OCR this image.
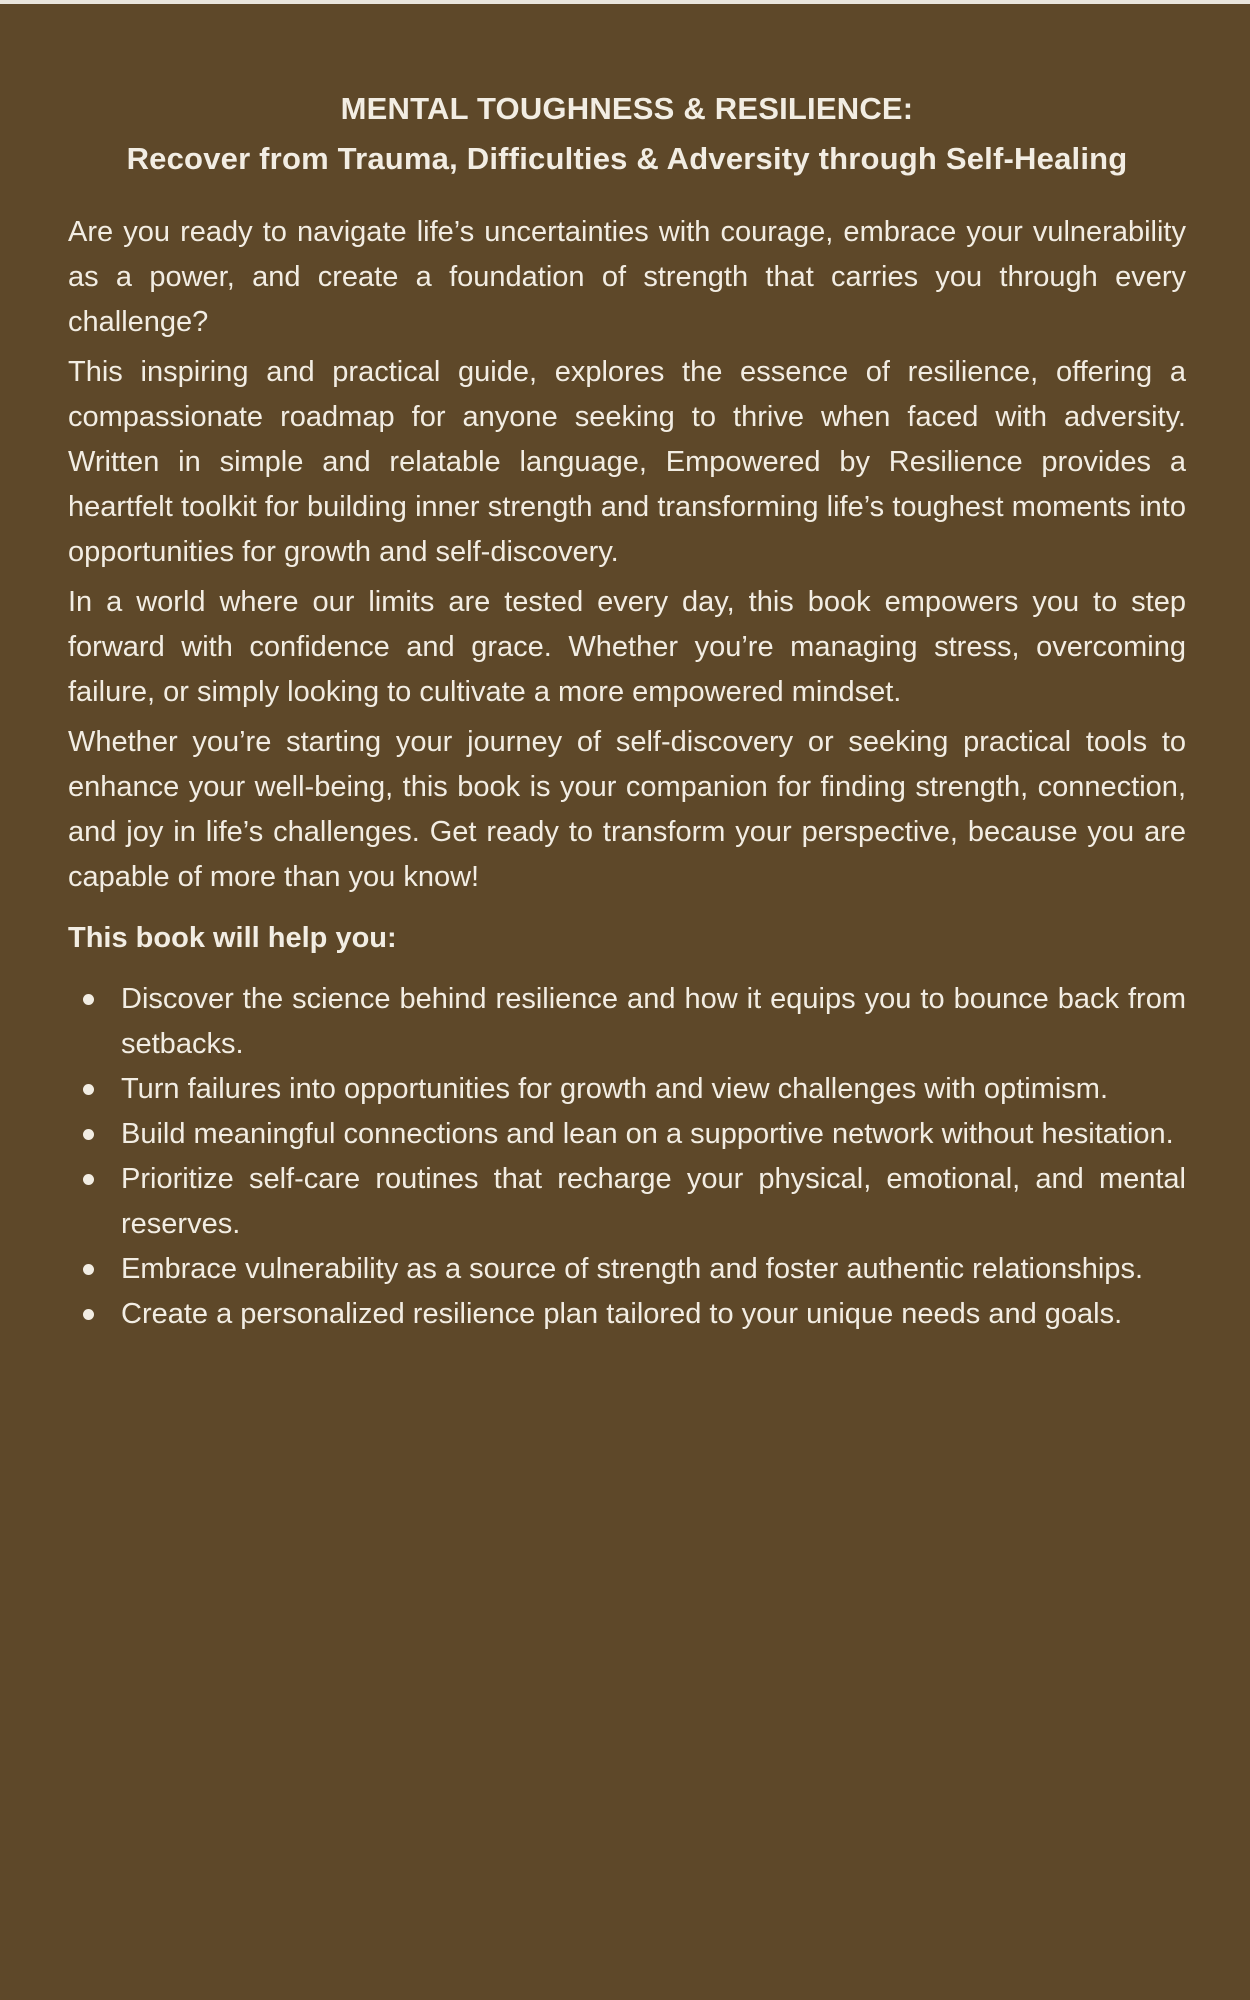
MENTAL TOUGHNESS & RESILIENCE:
Recover from Trauma, Difficulties & Adversity through Self-Healing

Are you ready to navigate life’s uncertainties with courage, embrace your vulnerability as a power, and create a foundation of strength that carries you through every challenge?

This inspiring and practical guide, explores the essence of resilience, offering a compassionate roadmap for anyone seeking to thrive when faced with adversity. Written in simple and relatable language, Empowered by Resilience provides a heartfelt toolkit for building inner strength and transforming life’s toughest moments into opportunities for growth and self-discovery.

In a world where our limits are tested every day, this book empowers you to step forward with confidence and grace. Whether you’re managing stress, overcoming failure, or simply looking to cultivate a more empowered mindset.

Whether you’re starting your journey of self-discovery or seeking practical tools to enhance your well-being, this book is your companion for finding strength, connection, and joy in life’s challenges. Get ready to transform your perspective, because you are capable of more than you know!

This book will help you:
Discover the science behind resilience and how it equips you to bounce back from setbacks.
Turn failures into opportunities for growth and view challenges with optimism.
Build meaningful connections and lean on a supportive network without hesitation.
Prioritize self-care routines that recharge your physical, emotional, and mental reserves.
Embrace vulnerability as a source of strength and foster authentic relationships.
Create a personalized resilience plan tailored to your unique needs and goals.
